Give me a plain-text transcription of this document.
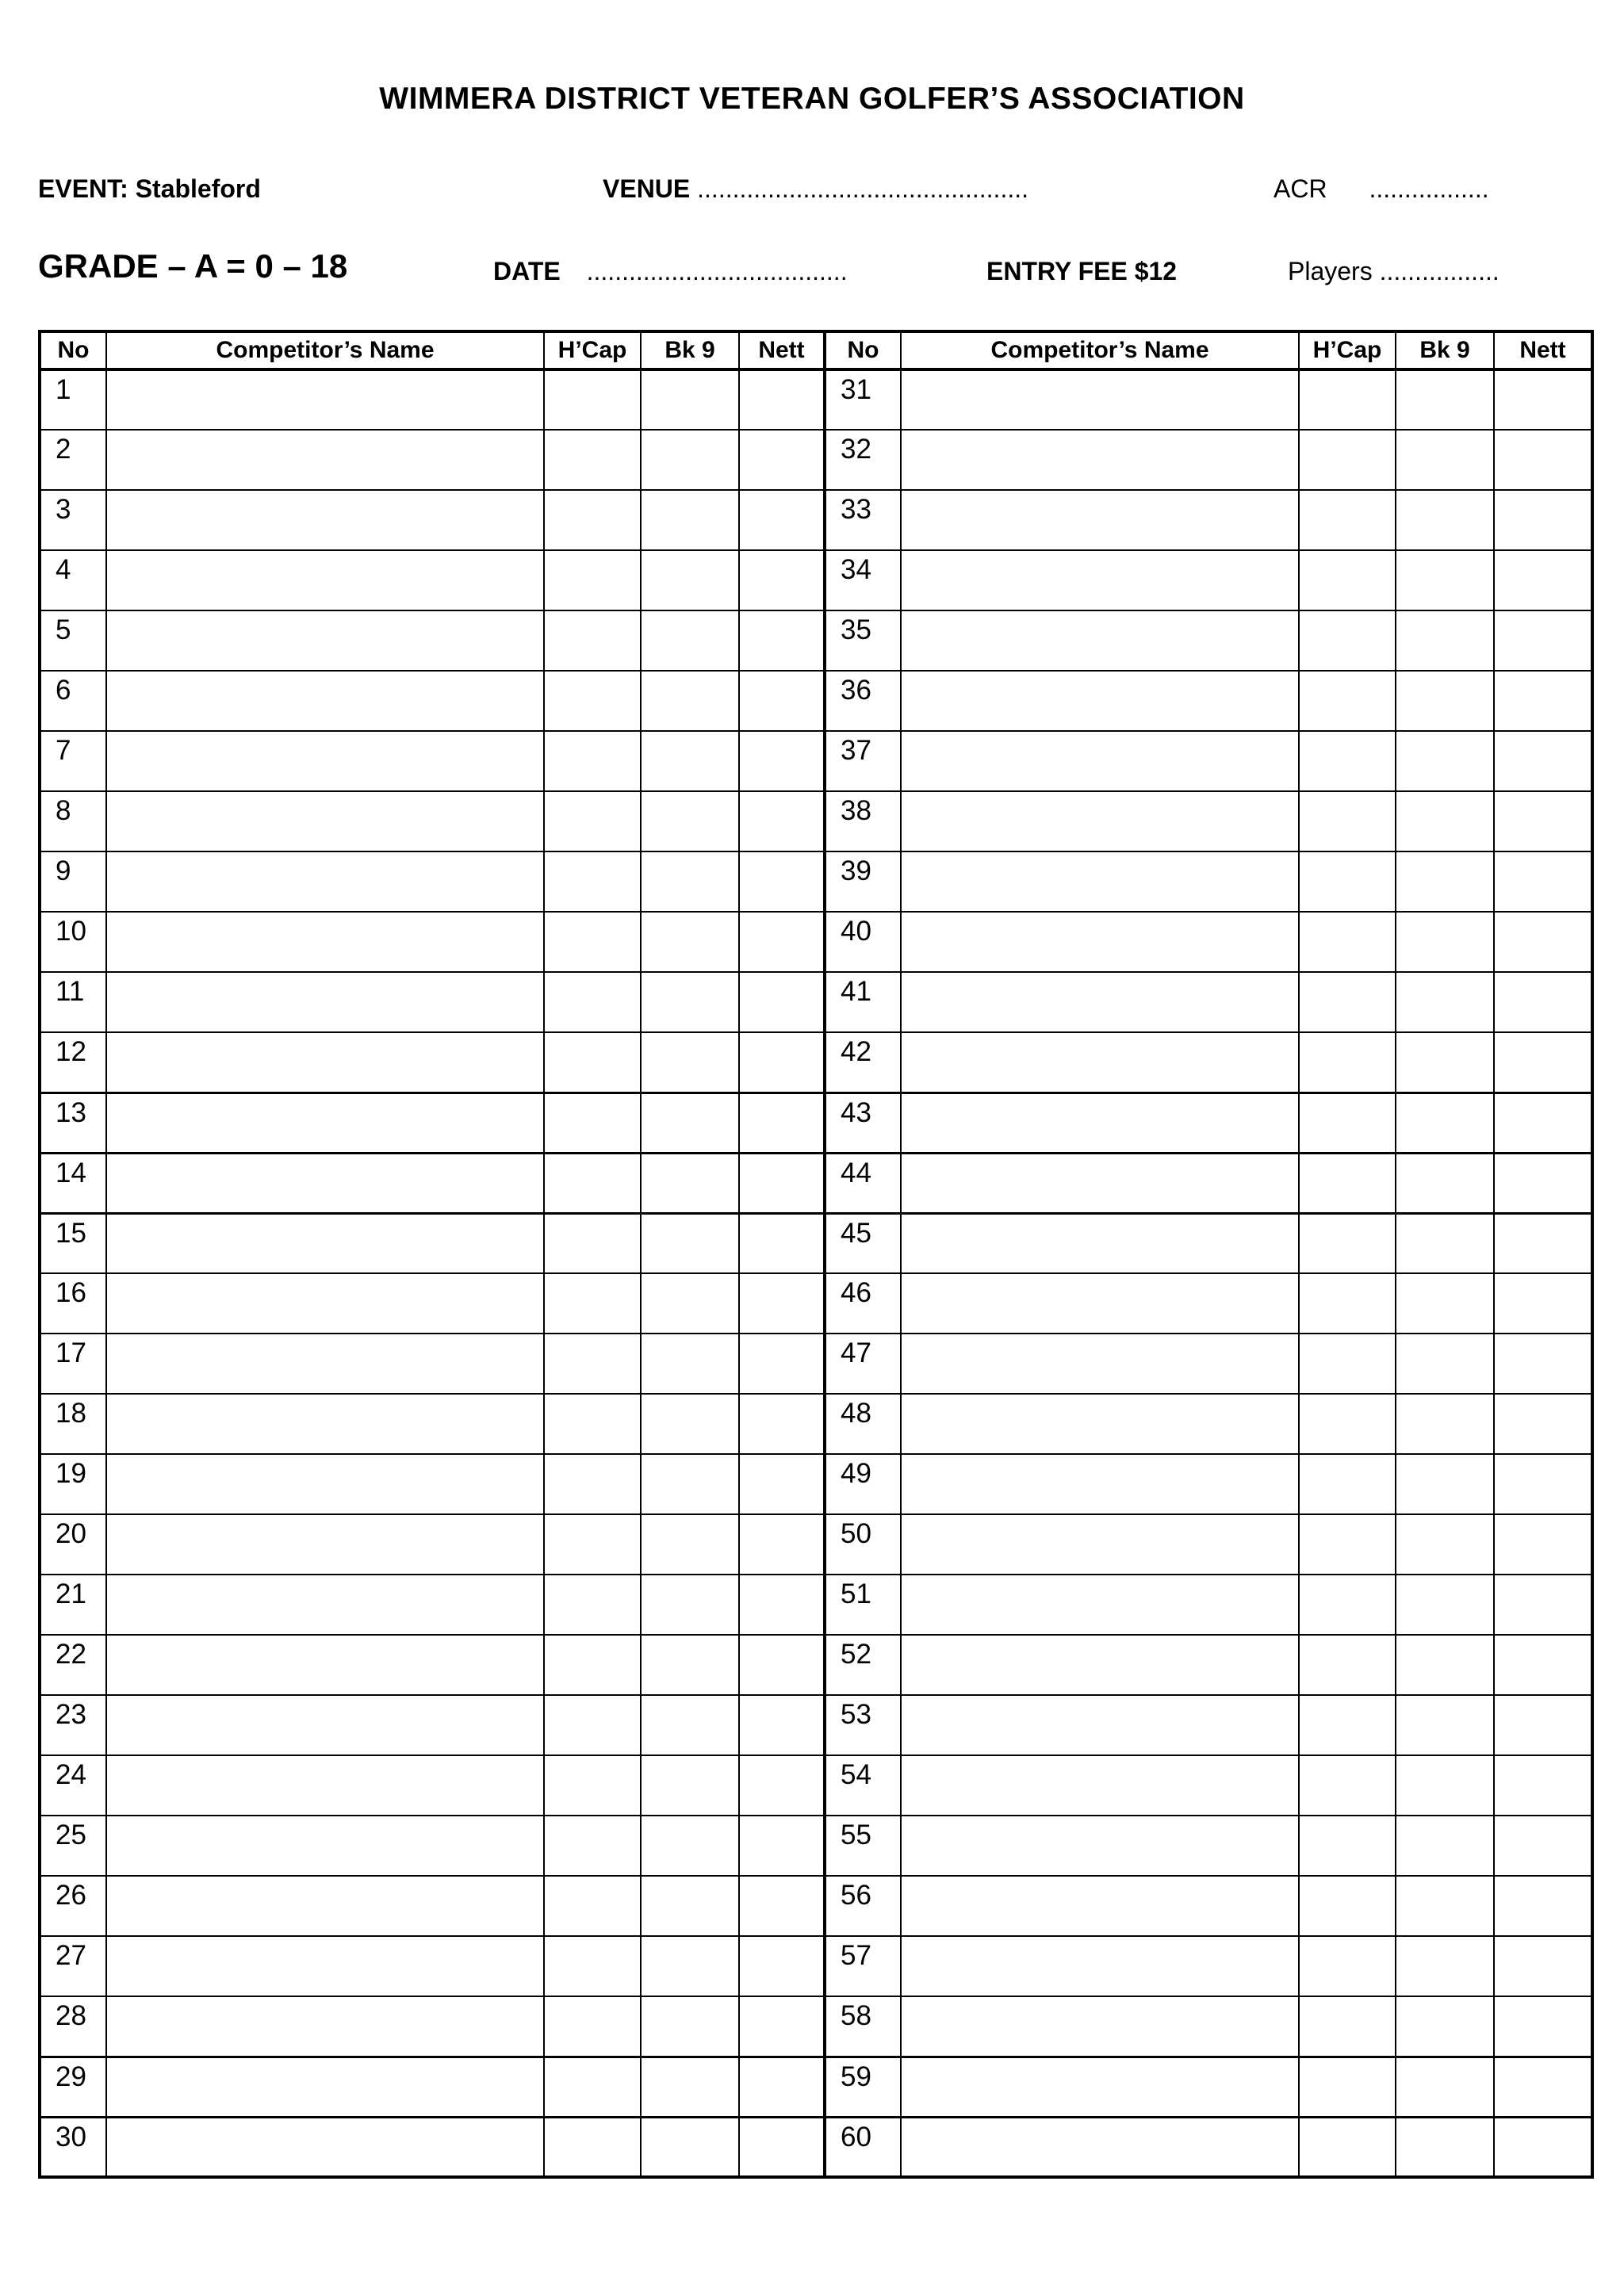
WIMMERA DISTRICT VETERAN GOLFER’S ASSOCIATION
EVENT: Stableford	VENUE ...............................................	ACR .................
GRADE – A = 0 – 18	DATE .....................................	ENTRY FEE $12	Players .................
No	Competitor’s Name	H’Cap	Bk 9	Nett	No	Competitor’s Name	H’Cap	Bk 9	Nett
1					31				
2					32				
3					33				
4					34				
5					35				
6					36				
7					37				
8					38				
9					39				
10					40				
11					41				
12					42				
13					43				
14					44				
15					45				
16					46				
17					47				
18					48				
19					49				
20					50				
21					51				
22					52				
23					53				
24					54				
25					55				
26					56				
27					57				
28					58				
29					59				
30					60				
